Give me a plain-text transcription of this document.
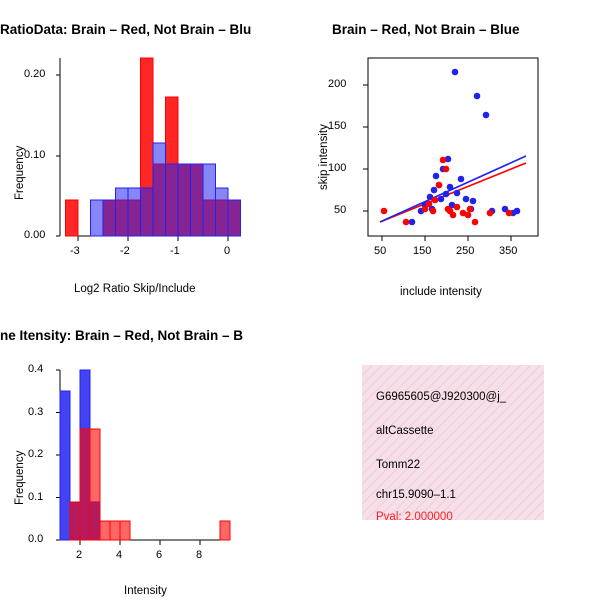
RatioData: Brain – Red, Not Brain – Blu
Frequency
Log2 Ratio Skip/Include
0.00
0.10
0.20
-3	-2	-1	0
Brain – Red, Not Brain – Blue
skip intensity
include intensity
50
100
150
200
50 150 250 350
ne Itensity: Brain – Red, Not Brain – B
Frequency
Intensity
0.0
0.1
0.2
0.3
0.4
2	4	6	8
G6965605@J920300@j_
altCassette
Tomm22
chr15.9090–1.1
Pval: 2.000000
